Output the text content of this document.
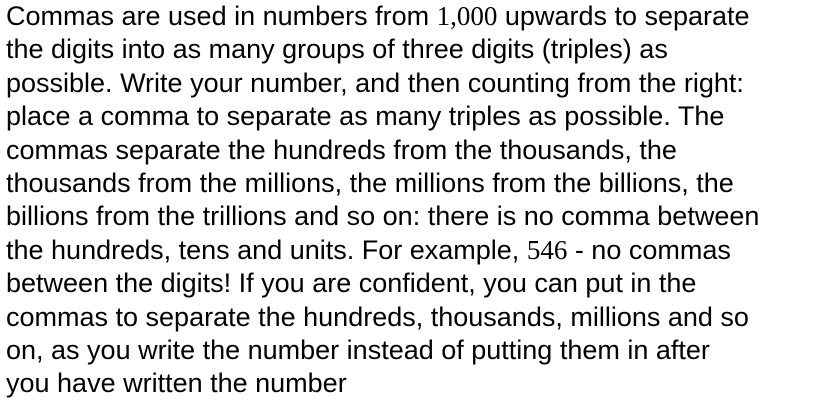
Commas are used in numbers from 1,000 upwards to separate
the digits into as many groups of three digits (triples) as
possible. Write your number, and then counting from the right:
place a comma to separate as many triples as possible. The
commas separate the hundreds from the thousands, the
thousands from the millions, the millions from the billions, the
billions from the trillions and so on: there is no comma between
the hundreds, tens and units. For example, 546 - no commas
between the digits! If you are confident, you can put in the
commas to separate the hundreds, thousands, millions and so
on, as you write the number instead of putting them in after
you have written the number
